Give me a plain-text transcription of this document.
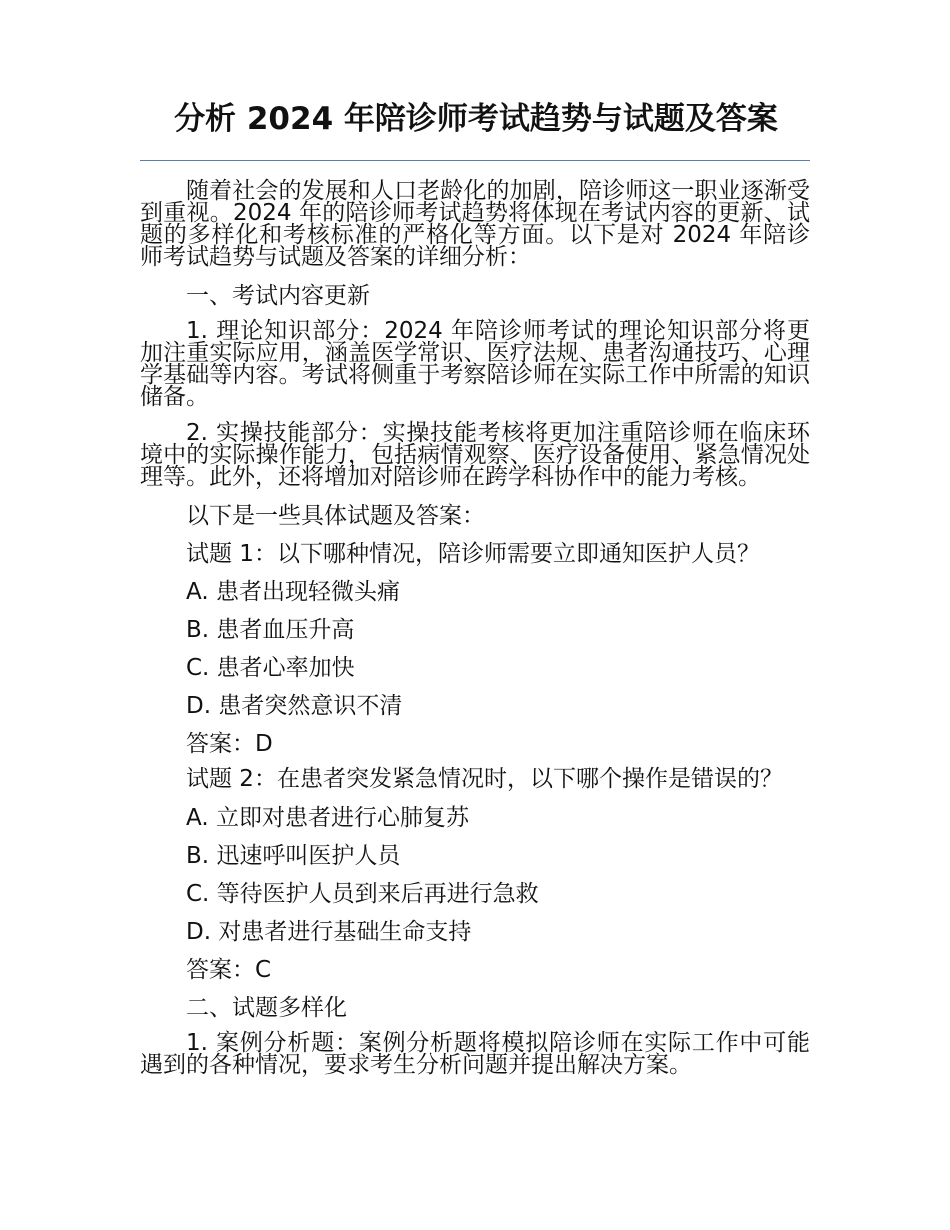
分析 2024 年陪诊师考试趋势与试题及答案

随着社会的发展和人口老龄化的加剧，陪诊师这一职业逐渐受到重视。2024 年的陪诊师考试趋势将体现在考试内容的更新、试题的多样化和考核标准的严格化等方面。以下是对 2024 年陪诊师考试趋势与试题及答案的详细分析：

一、考试内容更新

1. 理论知识部分：2024 年陪诊师考试的理论知识部分将更加注重实际应用，涵盖医学常识、医疗法规、患者沟通技巧、心理学基础等内容。考试将侧重于考察陪诊师在实际工作中所需的知识储备。

2. 实操技能部分：实操技能考核将更加注重陪诊师在临床环境中的实际操作能力，包括病情观察、医疗设备使用、紧急情况处理等。此外，还将增加对陪诊师在跨学科协作中的能力考核。

以下是一些具体试题及答案：

试题 1：以下哪种情况，陪诊师需要立即通知医护人员？

A. 患者出现轻微头痛

B. 患者血压升高

C. 患者心率加快

D. 患者突然意识不清

答案：D

试题 2：在患者突发紧急情况时，以下哪个操作是错误的？

A. 立即对患者进行心肺复苏

B. 迅速呼叫医护人员

C. 等待医护人员到来后再进行急救

D. 对患者进行基础生命支持

答案：C

二、试题多样化

1. 案例分析题：案例分析题将模拟陪诊师在实际工作中可能遇到的各种情况，要求考生分析问题并提出解决方案。
